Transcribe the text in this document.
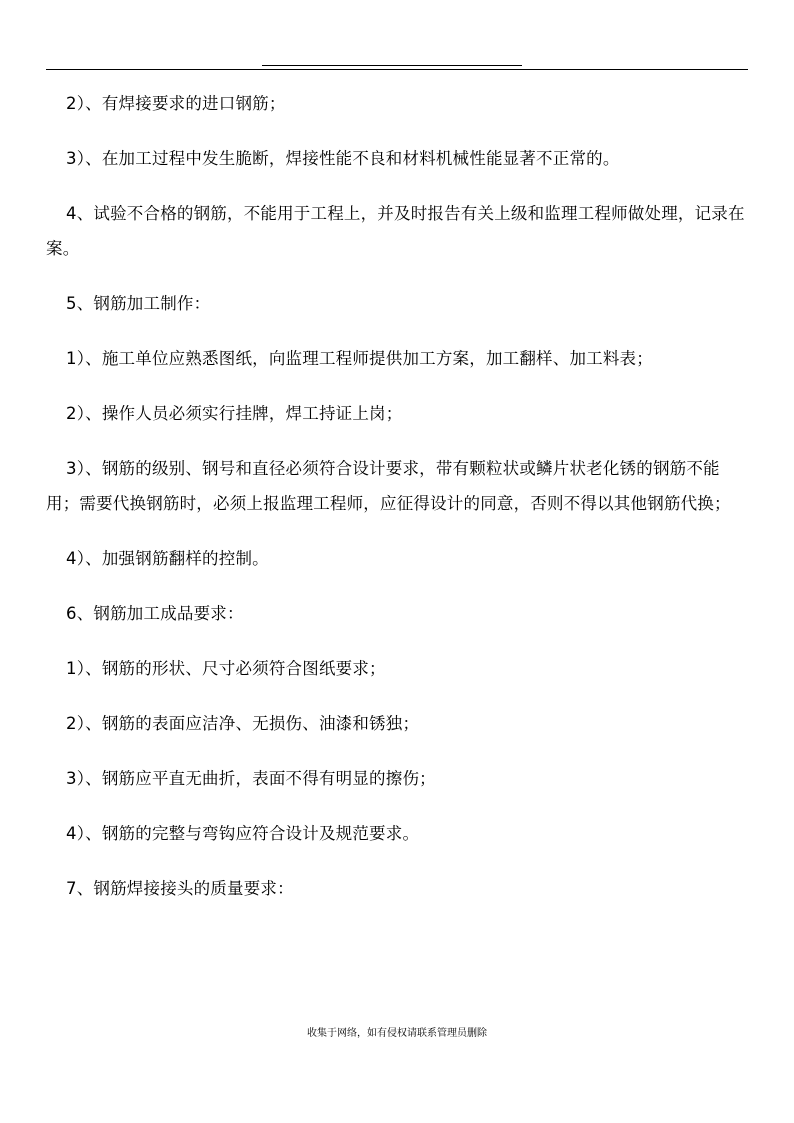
2）、有焊接要求的进口钢筋；

3）、在加工过程中发生脆断，焊接性能不良和材料机械性能显著不正常的。

4、试验不合格的钢筋，不能用于工程上，并及时报告有关上级和监理工程师做处理，记录在案。

5、钢筋加工制作：

1）、施工单位应熟悉图纸，向监理工程师提供加工方案，加工翻样、加工料表；

2）、操作人员必须实行挂牌，焊工持证上岗；

3）、钢筋的级别、钢号和直径必须符合设计要求，带有颗粒状或鳞片状老化锈的钢筋不能用；需要代换钢筋时，必须上报监理工程师，应征得设计的同意，否则不得以其他钢筋代换；

4）、加强钢筋翻样的控制。

6、钢筋加工成品要求：

1）、钢筋的形状、尺寸必须符合图纸要求；

2）、钢筋的表面应洁净、无损伤、油漆和锈独；

3）、钢筋应平直无曲折，表面不得有明显的擦伤；

4）、钢筋的完整与弯钩应符合设计及规范要求。

7、钢筋焊接接头的质量要求：

收集于网络，如有侵权请联系管理员删除
